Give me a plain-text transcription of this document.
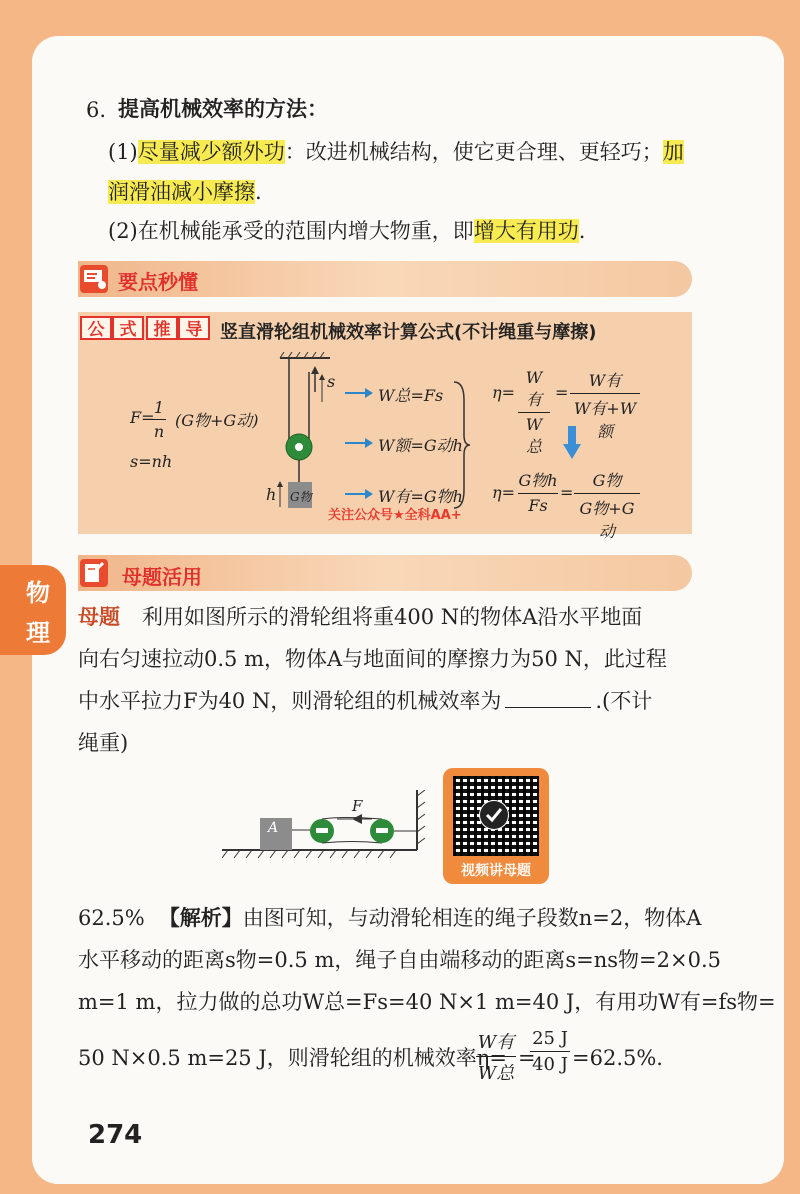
物
理
6. 提高机械效率的方法：
(1)尽量减少额外功：改进机械结构，使它更合理、更轻巧；加
润滑油减小摩擦.
(2)在机械能承受的范围内增大物重，即增大有用功.
要点秒懂
公 式	推 导 竖直滑轮组机械效率计算公式(不计绳重与摩擦)
F=
1
n
(G物+G动)
s=nh
s
h G物
W总=Fs
W额=G动h
W有=G物h
η=
W有
W总
=
W有
W有+W额
η=
G物h
Fs
=
G物
G物+G动
关注公众号★全科AA+
母题活用
母题 利用如图所示的滑轮组将重400 N的物体A沿水平地面
向右匀速拉动0.5 m，物体A与地面间的摩擦力为50 N，此过程
中水平拉力F为40 N，则滑轮组的机械效率为	.(不计
绳重)
A
F
视频讲母题
62.5% 【解析】由图可知，与动滑轮相连的绳子段数n=2，物体A
水平移动的距离s物=0.5 m，绳子自由端移动的距离s=ns物=2×0.5
m=1 m，拉力做的总功W总=Fs=40 N×1 m=40 J，有用功W有=fs物=
50 N×0.5 m=25 J，则滑轮组的机械效率η=
W有
W总
=
25 J
40 J =62.5%.
274
